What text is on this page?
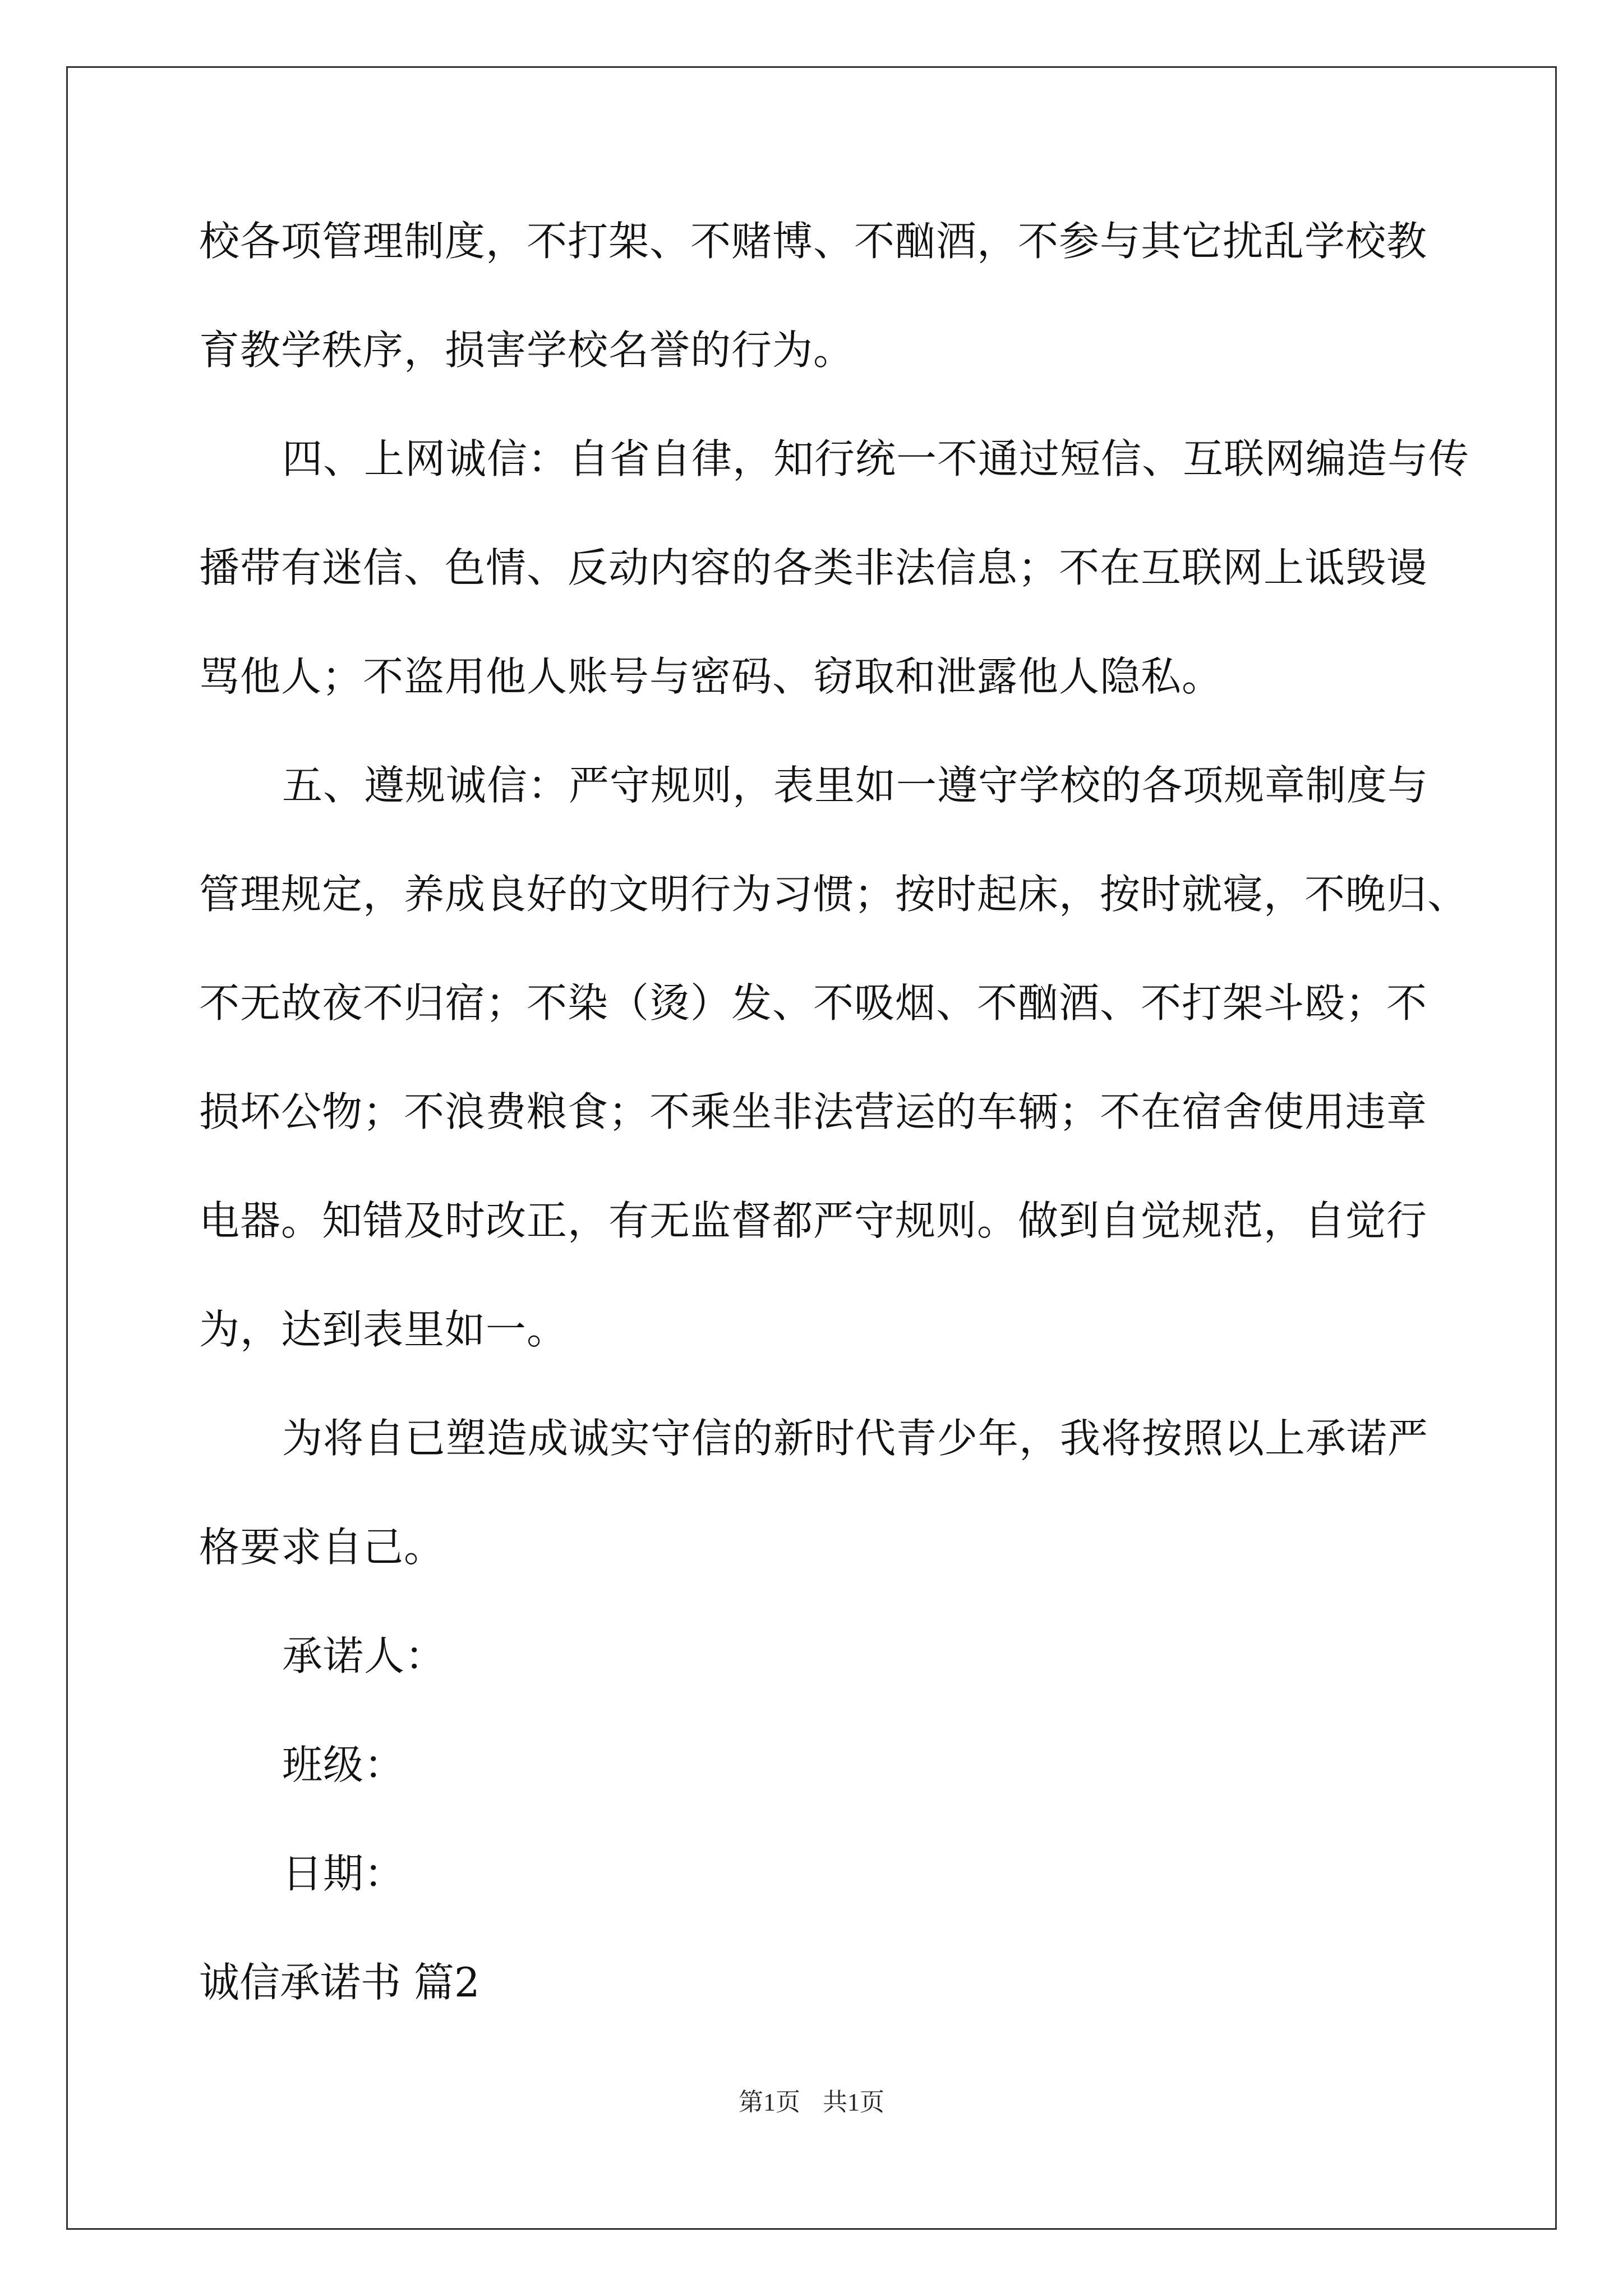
校各项管理制度，不打架、不赌博、不酗酒，不参与其它扰乱学校教
育教学秩序，损害学校名誉的行为。
四、上网诚信：自省自律，知行统一不通过短信、互联网编造与传
播带有迷信、色情、反动内容的各类非法信息；不在互联网上诋毁谩
骂他人；不盗用他人账号与密码、窃取和泄露他人隐私。
五、遵规诚信：严守规则，表里如一遵守学校的各项规章制度与
管理规定，养成良好的文明行为习惯；按时起床，按时就寝，不晚归、
不无故夜不归宿；不染（烫）发、不吸烟、不酗酒、不打架斗殴；不
损坏公物；不浪费粮食；不乘坐非法营运的车辆；不在宿舍使用违章
电器。知错及时改正，有无监督都严守规则。做到自觉规范，自觉行
为，达到表里如一。
为将自已塑造成诚实守信的新时代青少年，我将按照以上承诺严
格要求自己。
承诺人：
班级：
日期：
诚信承诺书 篇2
第1页 共1页
